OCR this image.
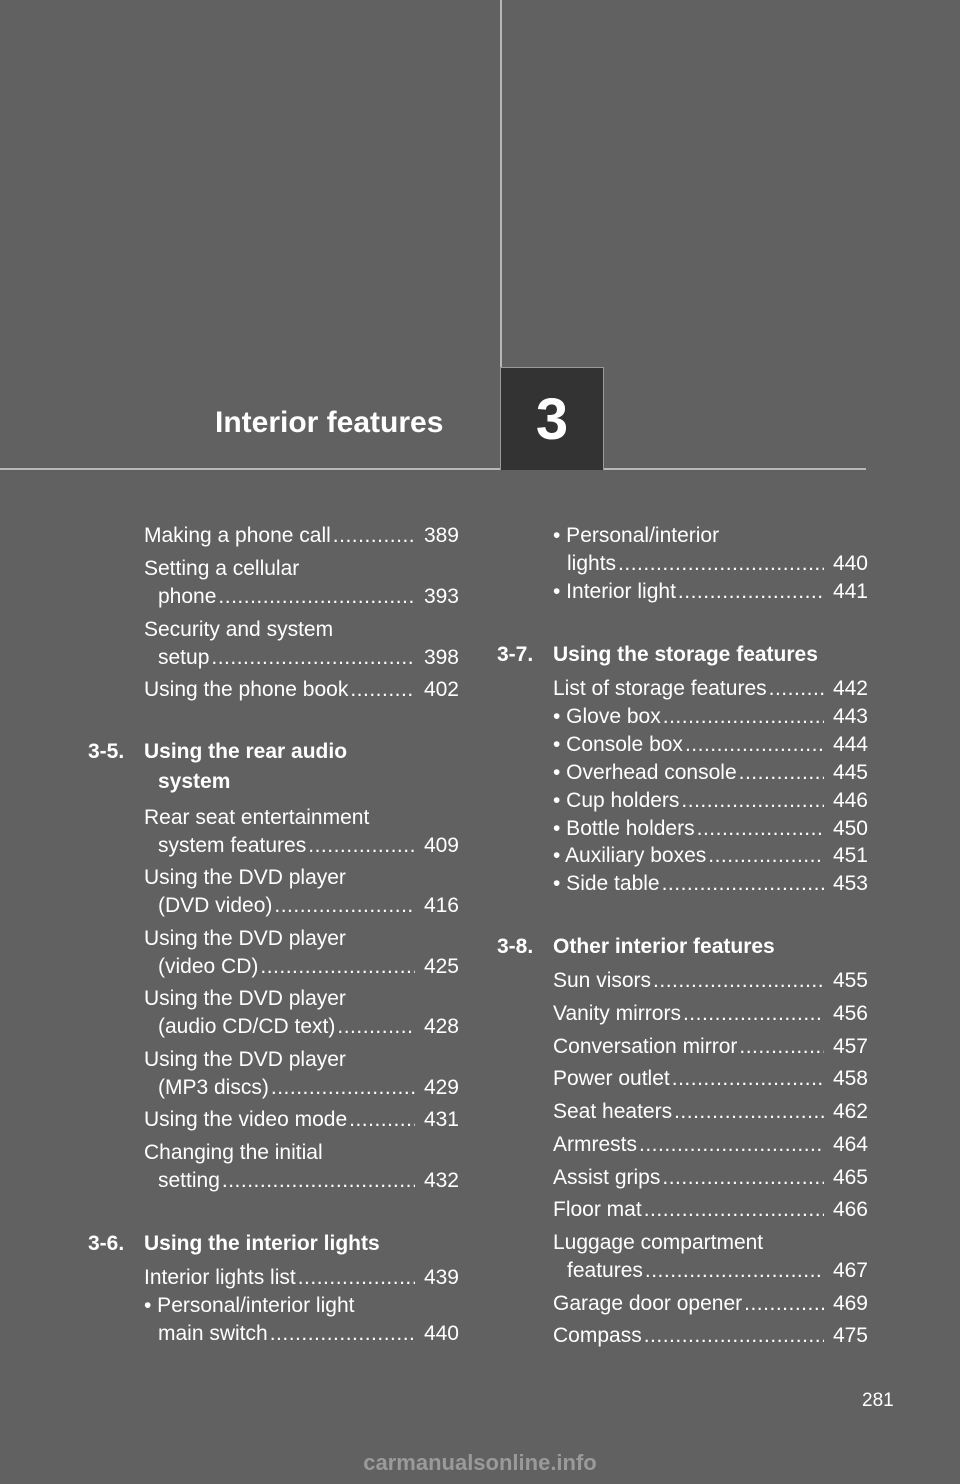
Interior features 3
Making a phone call .....	389
Setting a cellular
phone .....	393
Security and system
setup .....	398
Using the phone book .....	402
3-5. Using the rear audio
system
Rear seat entertainment
system features .....	409
Using the DVD player
(DVD video) .....	416
Using the DVD player
(video CD) .....	425
Using the DVD player
(audio CD/CD text) .....	428
Using the DVD player
(MP3 discs) .....	429
Using the video mode .....	431
Changing the initial
setting .....	432
3-6. Using the interior lights
Interior lights list .....	439
• Personal/interior light
main switch .....	440
• Personal/interior
lights .....	440
• Interior light .....	441
3-7. Using the storage features
List of storage features .....	442
• Glove box .....	443
• Console box .....	444
• Overhead console .....	445
• Cup holders .....	446
• Bottle holders .....	450
• Auxiliary boxes .....	451
• Side table .....	453
3-8. Other interior features
Sun visors .....	455
Vanity mirrors .....	456
Conversation mirror .....	457
Power outlet .....	458
Seat heaters .....	462
Armrests .....	464
Assist grips .....	465
Floor mat .....	466
Luggage compartment
features .....	467
Garage door opener .....	469
Compass .....	475
281
carmanualsonline.info
